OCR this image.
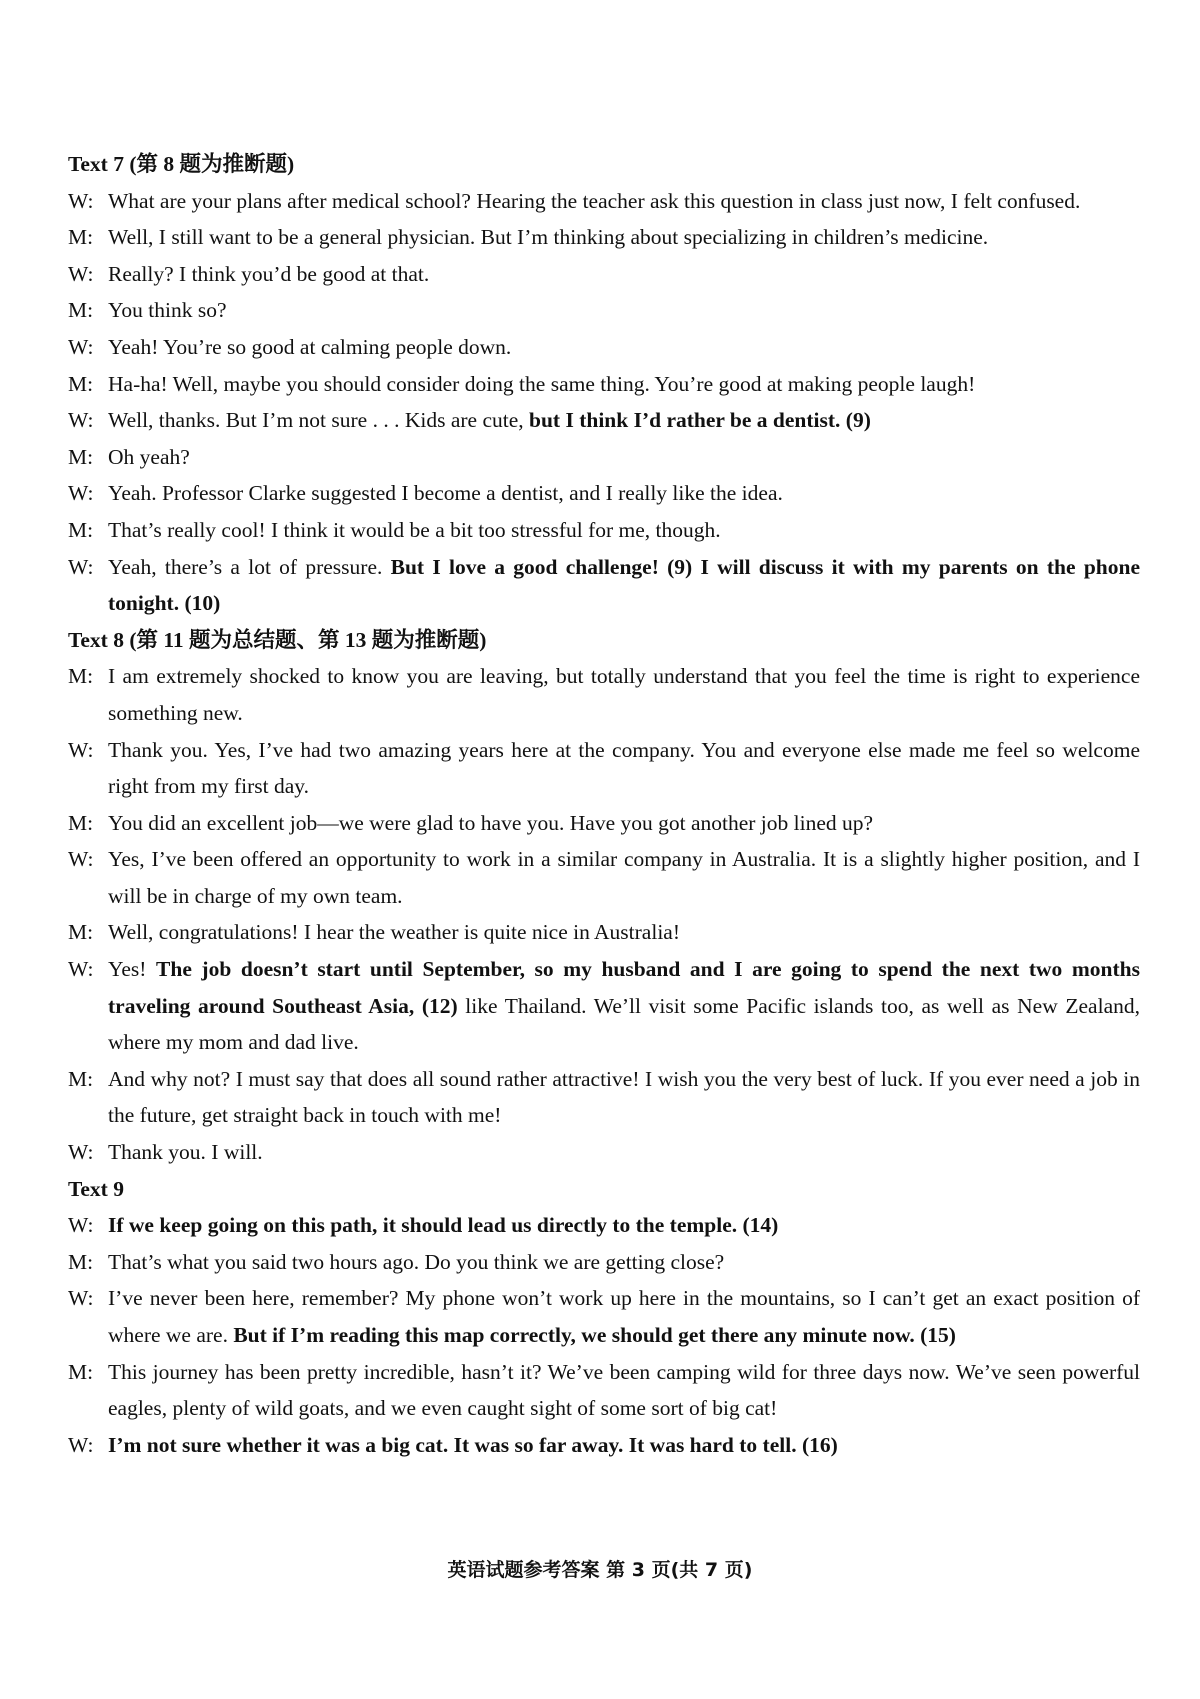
Text 7 (第 8 题为推断题)
W: What are your plans after medical school? Hearing the teacher ask this question in class just now, I felt confused.
M: Well, I still want to be a general physician. But I’m thinking about specializing in children’s medicine.
W: Really? I think you’d be good at that.
M: You think so?
W: Yeah! You’re so good at calming people down.
M: Ha-ha! Well, maybe you should consider doing the same thing. You’re good at making people laugh!
W: Well, thanks. But I’m not sure . . . Kids are cute, but I think I’d rather be a dentist. (9)
M: Oh yeah?
W: Yeah. Professor Clarke suggested I become a dentist, and I really like the idea.
M: That’s really cool! I think it would be a bit too stressful for me, though.
W: Yeah, there’s a lot of pressure. But I love a good challenge! (9) I will discuss it with my parents on the phone tonight. (10)
Text 8 (第 11 题为总结题、第 13 题为推断题)
M: I am extremely shocked to know you are leaving, but totally understand that you feel the time is right to experience something new.
W: Thank you. Yes, I’ve had two amazing years here at the company. You and everyone else made me feel so welcome right from my first day.
M: You did an excellent job—we were glad to have you. Have you got another job lined up?
W: Yes, I’ve been offered an opportunity to work in a similar company in Australia. It is a slightly higher position, and I will be in charge of my own team.
M: Well, congratulations! I hear the weather is quite nice in Australia!
W: Yes! The job doesn’t start until September, so my husband and I are going to spend the next two months traveling around Southeast Asia, (12) like Thailand. We’ll visit some Pacific islands too, as well as New Zealand, where my mom and dad live.
M: And why not? I must say that does all sound rather attractive! I wish you the very best of luck. If you ever need a job in the future, get straight back in touch with me!
W: Thank you. I will.
Text 9
W: If we keep going on this path, it should lead us directly to the temple. (14)
M: That’s what you said two hours ago. Do you think we are getting close?
W: I’ve never been here, remember? My phone won’t work up here in the mountains, so I can’t get an exact position of where we are. But if I’m reading this map correctly, we should get there any minute now. (15)
M: This journey has been pretty incredible, hasn’t it? We’ve been camping wild for three days now. We’ve seen powerful eagles, plenty of wild goats, and we even caught sight of some sort of big cat!
W: I’m not sure whether it was a big cat. It was so far away. It was hard to tell. (16)
英语试题参考答案 第 3 页(共 7 页)
